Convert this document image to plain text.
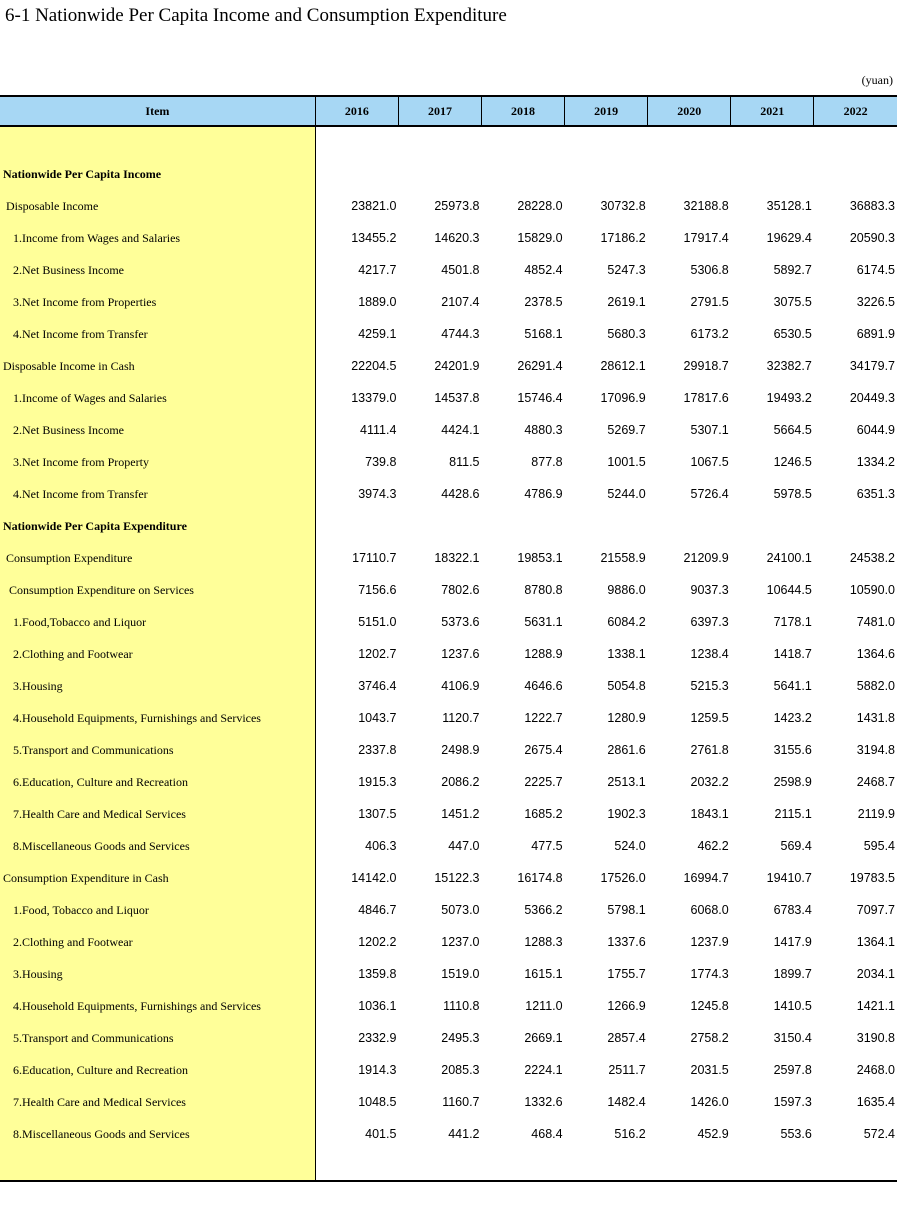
6-1 Nationwide Per Capita Income and Consumption Expenditure
(yuan)
Item	2016	2017	2018	2019	2020	2021	2022

Nationwide Per Capita Income							
Disposable Income	23821.0	25973.8	28228.0	30732.8	32188.8	35128.1	36883.3
1.Income from Wages and Salaries	13455.2	14620.3	15829.0	17186.2	17917.4	19629.4	20590.3
2.Net Business Income	4217.7	4501.8	4852.4	5247.3	5306.8	5892.7	6174.5
3.Net Income from Properties	1889.0	2107.4	2378.5	2619.1	2791.5	3075.5	3226.5
4.Net Income from Transfer	4259.1	4744.3	5168.1	5680.3	6173.2	6530.5	6891.9
Disposable Income in Cash	22204.5	24201.9	26291.4	28612.1	29918.7	32382.7	34179.7
1.Income of Wages and Salaries	13379.0	14537.8	15746.4	17096.9	17817.6	19493.2	20449.3
2.Net Business Income	4111.4	4424.1	4880.3	5269.7	5307.1	5664.5	6044.9
3.Net Income from Property	739.8	811.5	877.8	1001.5	1067.5	1246.5	1334.2
4.Net Income from Transfer	3974.3	4428.6	4786.9	5244.0	5726.4	5978.5	6351.3
Nationwide Per Capita Expenditure							
Consumption Expenditure	17110.7	18322.1	19853.1	21558.9	21209.9	24100.1	24538.2
Consumption Expenditure on Services	7156.6	7802.6	8780.8	9886.0	9037.3	10644.5	10590.0
1.Food,Tobacco and Liquor	5151.0	5373.6	5631.1	6084.2	6397.3	7178.1	7481.0
2.Clothing and Footwear	1202.7	1237.6	1288.9	1338.1	1238.4	1418.7	1364.6
3.Housing	3746.4	4106.9	4646.6	5054.8	5215.3	5641.1	5882.0
4.Household Equipments, Furnishings and Services	1043.7	1120.7	1222.7	1280.9	1259.5	1423.2	1431.8
5.Transport and Communications	2337.8	2498.9	2675.4	2861.6	2761.8	3155.6	3194.8
6.Education, Culture and Recreation	1915.3	2086.2	2225.7	2513.1	2032.2	2598.9	2468.7
7.Health Care and Medical Services	1307.5	1451.2	1685.2	1902.3	1843.1	2115.1	2119.9
8.Miscellaneous Goods and Services	406.3	447.0	477.5	524.0	462.2	569.4	595.4
Consumption Expenditure in Cash	14142.0	15122.3	16174.8	17526.0	16994.7	19410.7	19783.5
1.Food, Tobacco and Liquor	4846.7	5073.0	5366.2	5798.1	6068.0	6783.4	7097.7
2.Clothing and Footwear	1202.2	1237.0	1288.3	1337.6	1237.9	1417.9	1364.1
3.Housing	1359.8	1519.0	1615.1	1755.7	1774.3	1899.7	2034.1
4.Household Equipments, Furnishings and Services	1036.1	1110.8	1211.0	1266.9	1245.8	1410.5	1421.1
5.Transport and Communications	2332.9	2495.3	2669.1	2857.4	2758.2	3150.4	3190.8
6.Education, Culture and Recreation	1914.3	2085.3	2224.1	2511.7	2031.5	2597.8	2468.0
7.Health Care and Medical Services	1048.5	1160.7	1332.6	1482.4	1426.0	1597.3	1635.4
8.Miscellaneous Goods and Services	401.5	441.2	468.4	516.2	452.9	553.6	572.4
